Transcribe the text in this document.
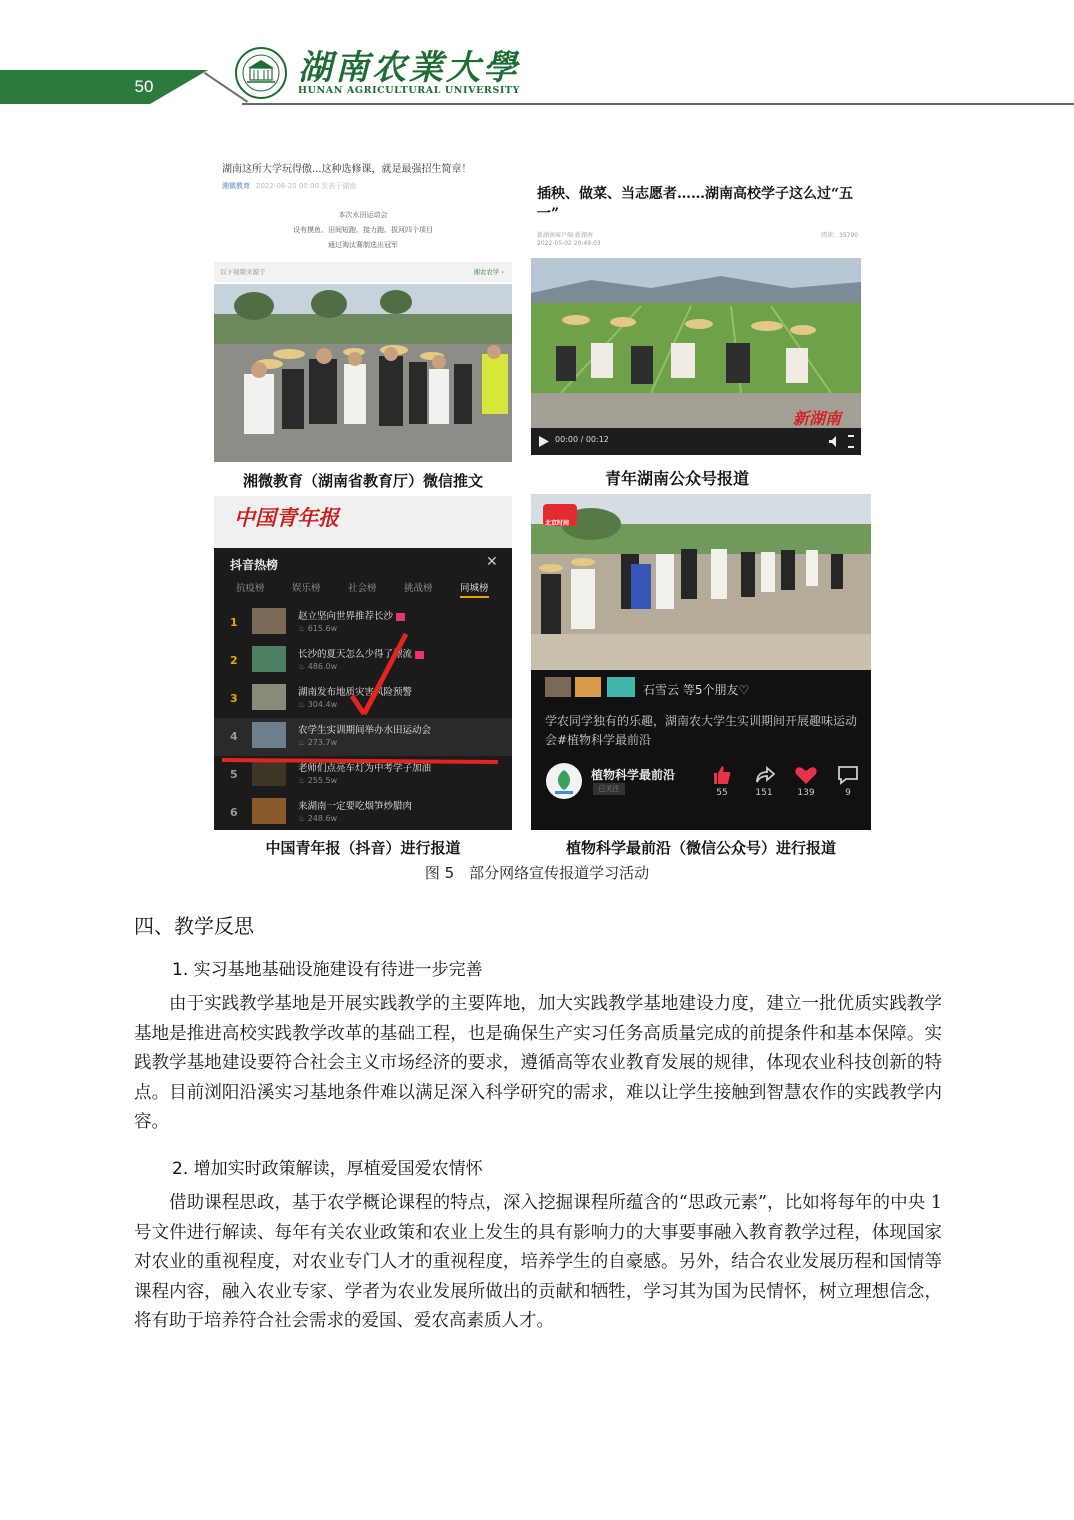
50	湖南农業大學
HUNAN AGRICULTURAL UNIVERSITY
湖南这所大学玩得傲...这种选修课，就是最强招生简章！
湘微教育 2022-06-20 00:00 发表于湖南
本次水田运动会
设有摸鱼、田间短跑、接力跑、拔河四个项目
通过淘汰赛制选出冠军
以下视频来源于	湘农农学 ›
湘微教育（湖南省教育厅）微信推文
插秧、做菜、当志愿者……湖南高校学子这么过“五一”
新湖南客户端·新湖南
2022-05-02 20:49:03
阅读：35790
新湖南
00:00 / 00:12
青年湖南公众号报道
中国青年报
抖音热榜	✕
抗疫榜	娱乐榜	社会榜	挑战榜	同城榜
1	赵立坚向世界推荐长沙
♨ 615.6w
2	长沙的夏天怎么少得了漂流
♨ 486.0w
3	湖南发布地质灾害风险预警
♨ 304.4w
4	农学生实训期间举办水田运动会
♨ 273.7w
5	老师们点亮车灯为中考学子加油
♨ 255.5w
6	来湖南一定要吃烟笋炒腊肉
♨ 248.6w
中国青年报（抖音）进行报道
北京时间
石雪云 等5个朋友♡
学农同学独有的乐趣，湖南农大学生实训期间开展趣味运动会#植物科学最前沿
植物科学最前沿
已关注	55	151	139	9
植物科学最前沿（微信公众号）进行报道
图 5　部分网络宣传报道学习活动
四、教学反思
1. 实习基地基础设施建设有待进一步完善
由于实践教学基地是开展实践教学的主要阵地，加大实践教学基地建设力度，建立一批优质实践教学基地是推进高校实践教学改革的基础工程，也是确保生产实习任务高质量完成的前提条件和基本保障。实践教学基地建设要符合社会主义市场经济的要求，遵循高等农业教育发展的规律，体现农业科技创新的特点。目前浏阳沿溪实习基地条件难以满足深入科学研究的需求，难以让学生接触到智慧农作的实践教学内容。
2. 增加实时政策解读，厚植爱国爱农情怀
借助课程思政，基于农学概论课程的特点，深入挖掘课程所蕴含的“思政元素”，比如将每年的中央 1 号文件进行解读、每年有关农业政策和农业上发生的具有影响力的大事要事融入教育教学过程，体现国家对农业的重视程度，对农业专门人才的重视程度，培养学生的自豪感。另外，结合农业发展历程和国情等课程内容，融入农业专家、学者为农业发展所做出的贡献和牺牲，学习其为国为民情怀，树立理想信念，将有助于培养符合社会需求的爱国、爱农高素质人才。
